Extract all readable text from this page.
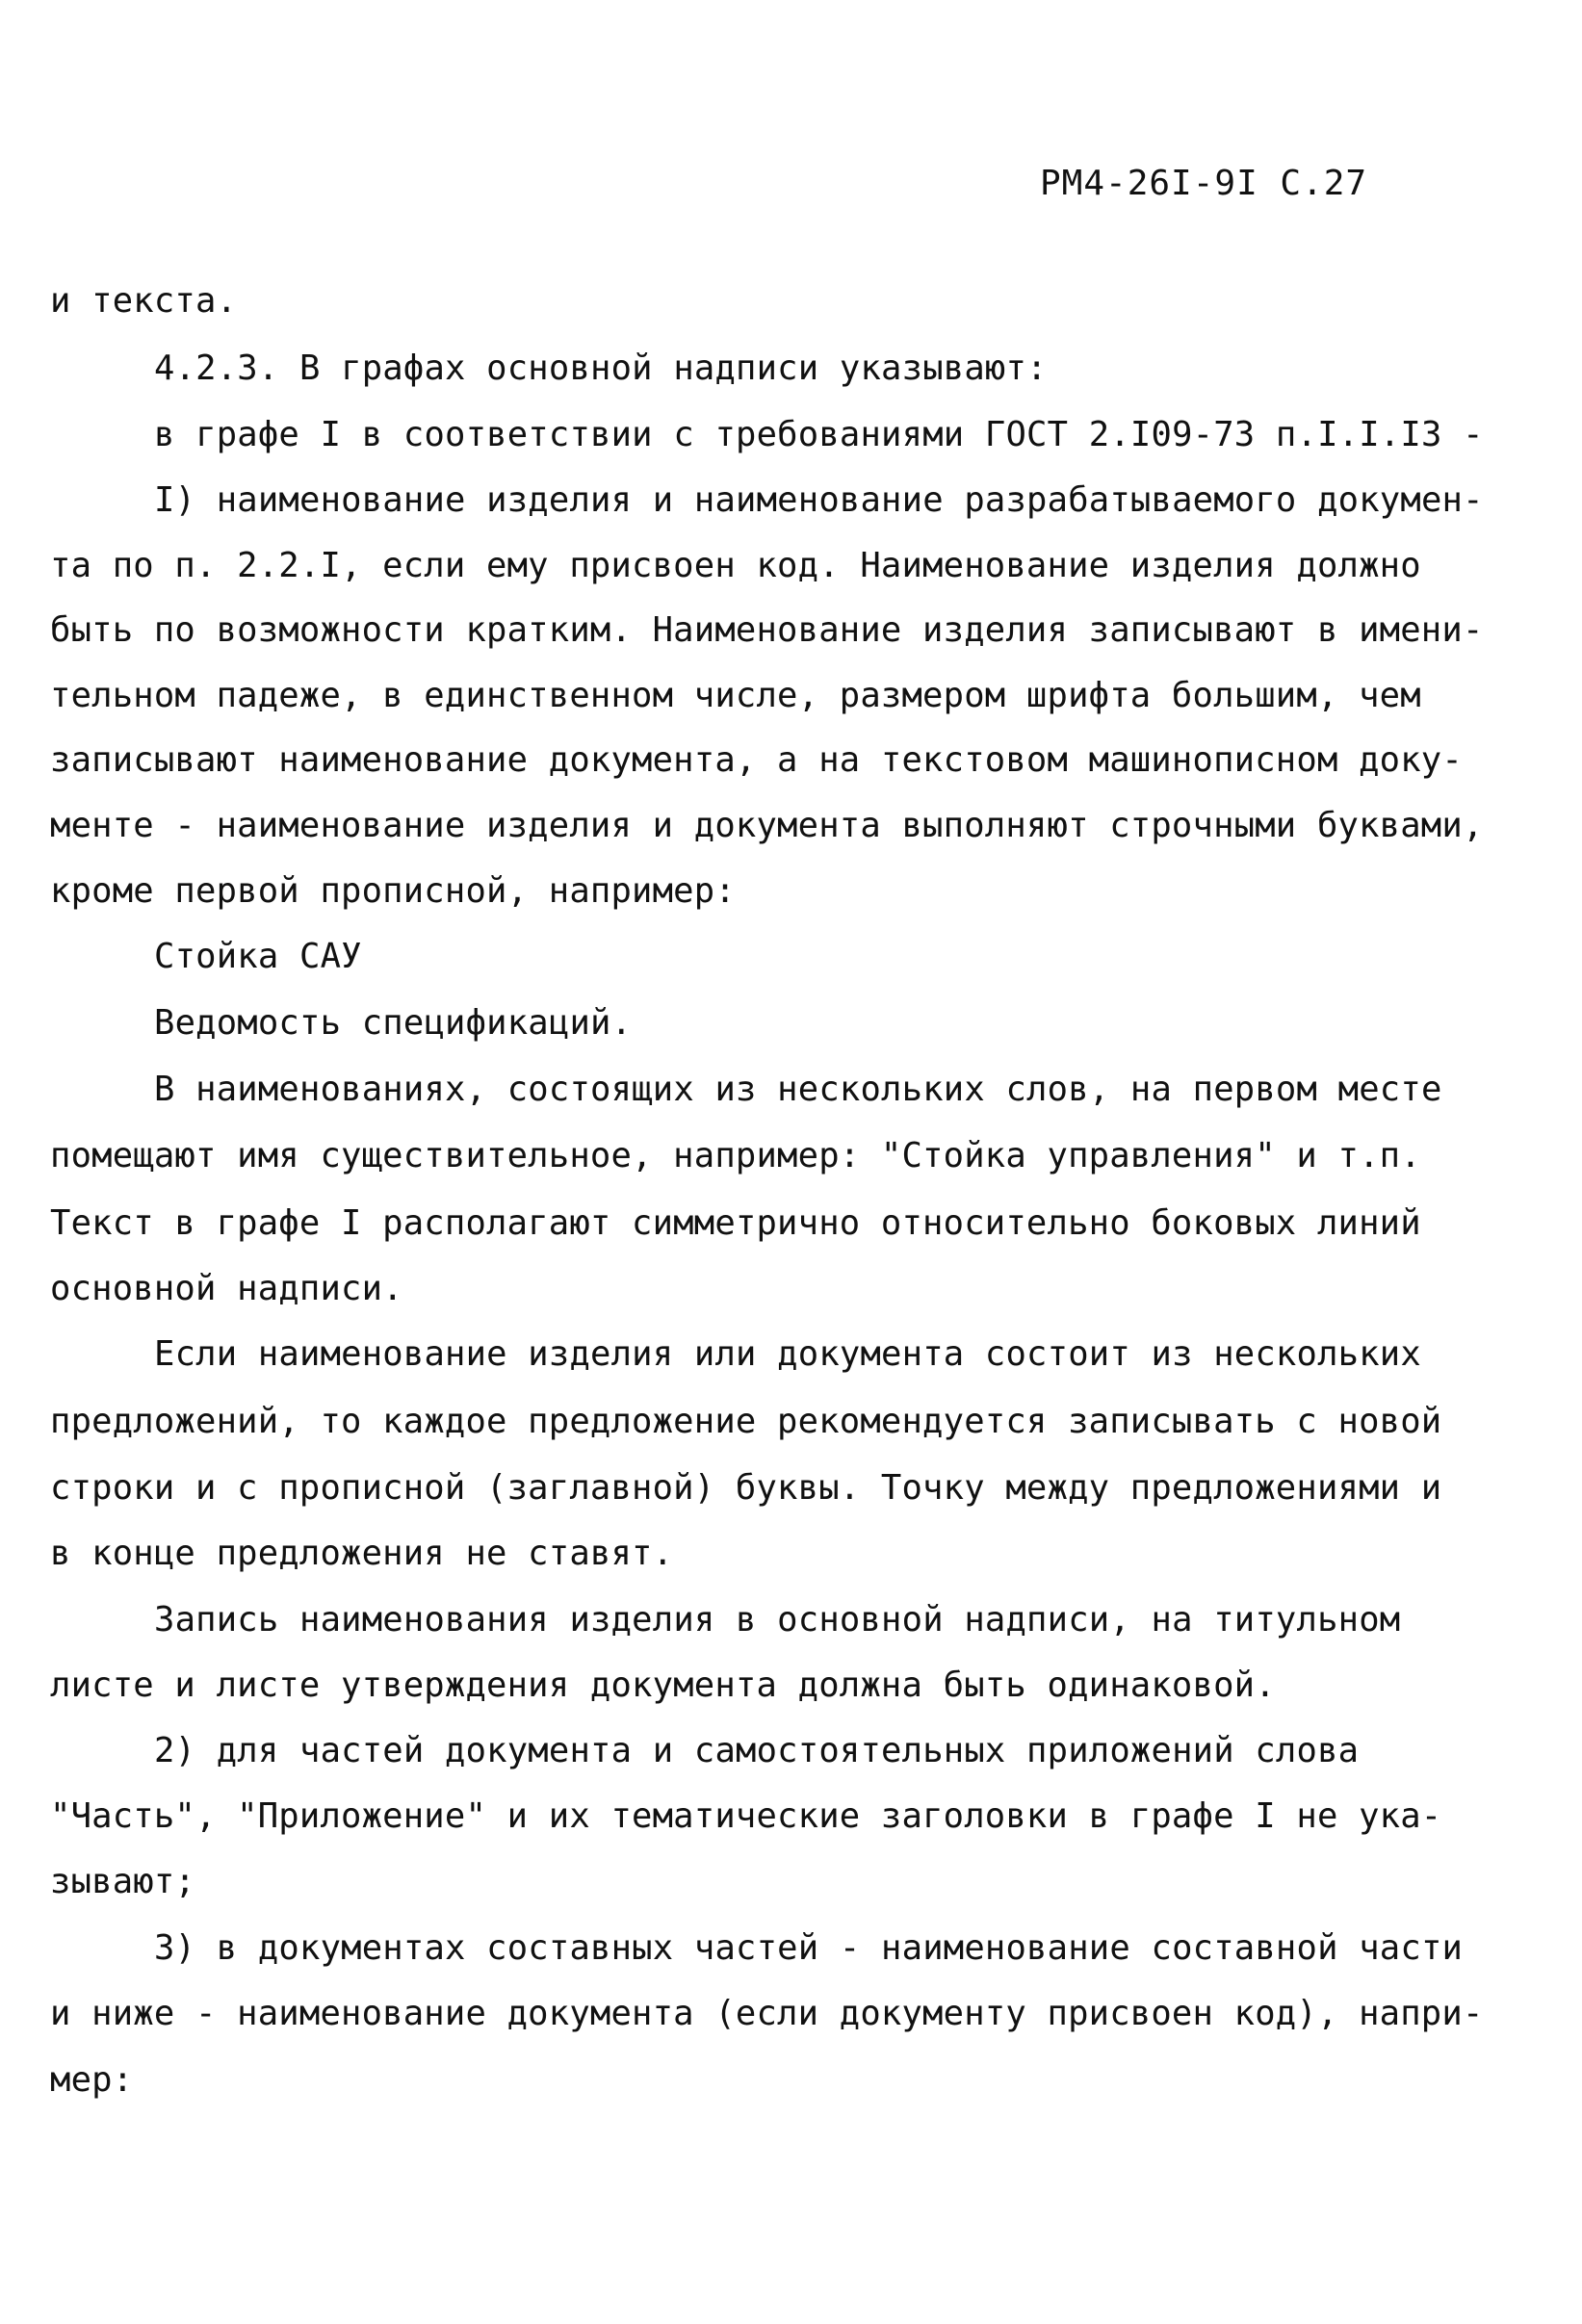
РМ4-26I-9I С.27
и текста.
4.2.3. В графах основной надписи указывают:
в графе I в соответствии с требованиями ГОСТ 2.I09-73 п.I.I.I3 -
I) наименование изделия и наименование разрабатываемого докумен-
та по п. 2.2.I, если ему присвоен код. Наименование изделия должно
быть по возможности кратким. Наименование изделия записывают в имени-
тельном падеже, в единственном числе, размером шрифта большим, чем
записывают наименование документа, а на текстовом машинописном доку-
менте - наименование изделия и документа выполняют строчными буквами,
кроме первой прописной, например:
Стойка САУ
Ведомость спецификаций.
В наименованиях, состоящих из нескольких слов, на первом месте
помещают имя существительное, например: "Стойка управления" и т.п.
Текст в графе I располагают симметрично относительно боковых линий
основной надписи.
Если наименование изделия или документа состоит из нескольких
предложений, то каждое предложение рекомендуется записывать с новой
строки и с прописной (заглавной) буквы. Точку между предложениями и
в конце предложения не ставят.
Запись наименования изделия в основной надписи, на титульном
листе и листе утверждения документа должна быть одинаковой.
2) для частей документа и самостоятельных приложений слова
"Часть", "Приложение" и их тематические заголовки в графе I не ука-
зывают;
3) в документах составных частей - наименование составной части
и ниже - наименование документа (если документу присвоен код), напри-
мер:
